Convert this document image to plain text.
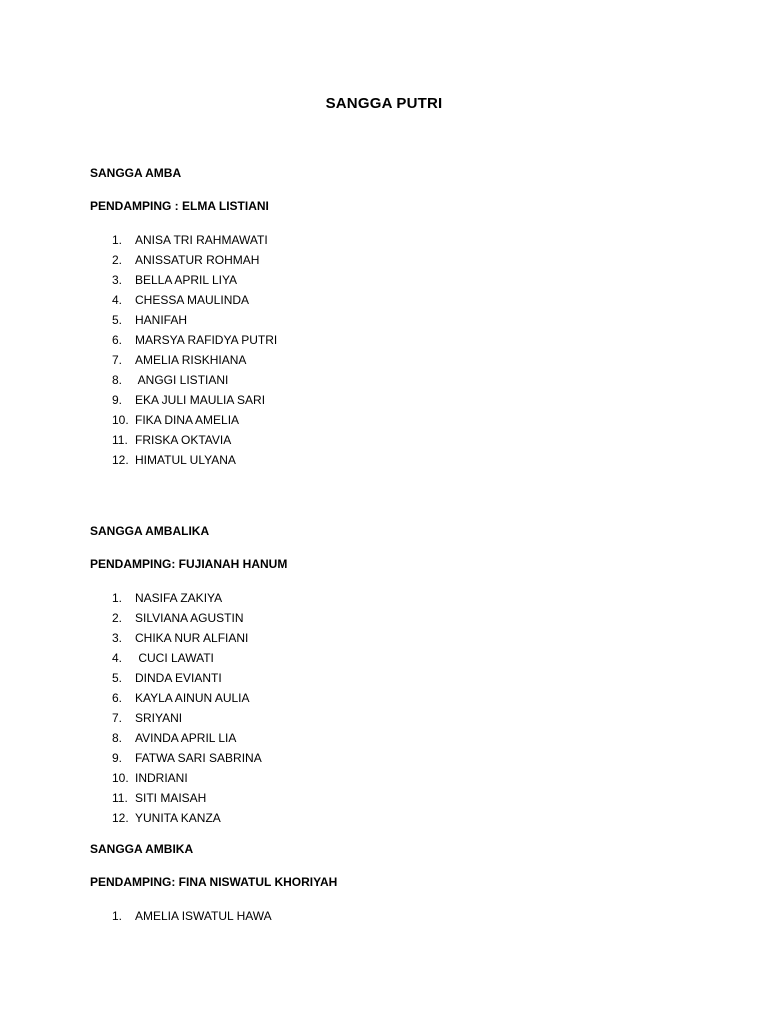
SANGGA PUTRI
SANGGA AMBA
PENDAMPING : ELMA LISTIANI
1.	ANISA TRI RAHMAWATI
2.	ANISSATUR ROHMAH
3.	BELLA APRIL LIYA
4.	CHESSA MAULINDA
5.	HANIFAH
6.	MARSYA RAFIDYA PUTRI
7.	AMELIA RISKHIANA
8.	ANGGI LISTIANI
9.	EKA JULI MAULIA SARI
10. FIKA DINA AMELIA
11. FRISKA OKTAVIA
12. HIMATUL ULYANA
SANGGA AMBALIKA
PENDAMPING: FUJIANAH HANUM
1.	NASIFA ZAKIYA
2.	SILVIANA AGUSTIN
3.	CHIKA NUR ALFIANI
4.	CUCI LAWATI
5.	DINDA EVIANTI
6.	KAYLA AINUN AULIA
7.	SRIYANI
8.	AVINDA APRIL LIA
9.	FATWA SARI SABRINA
10. INDRIANI
11. SITI MAISAH
12. YUNITA KANZA
SANGGA AMBIKA
PENDAMPING: FINA NISWATUL KHORIYAH
1.	AMELIA ISWATUL HAWA
